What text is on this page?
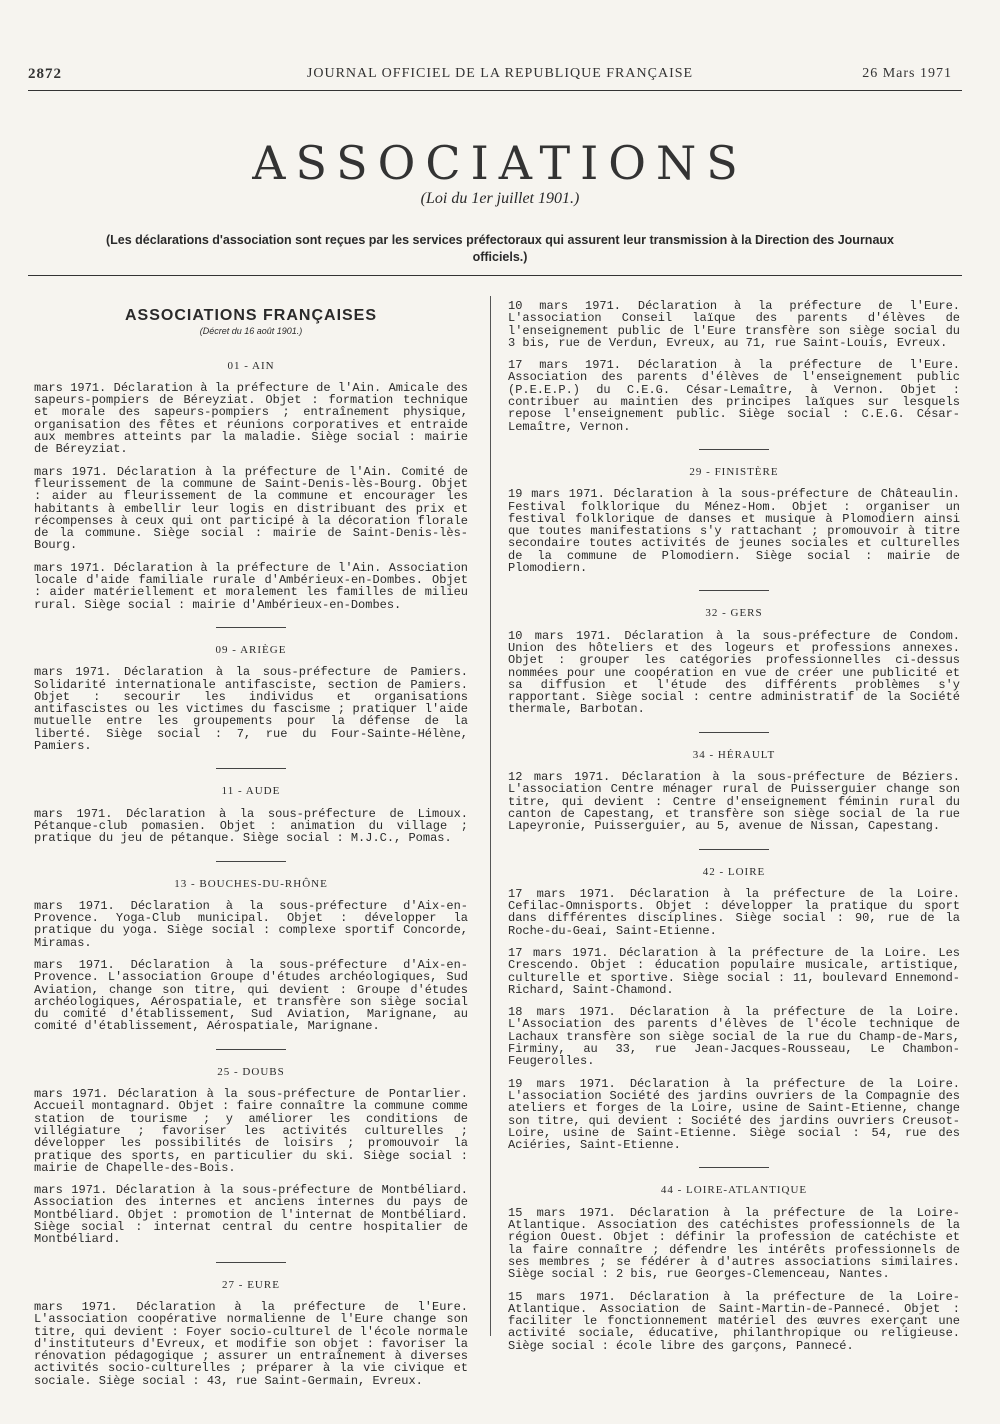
2872	JOURNAL OFFICIEL DE LA REPUBLIQUE FRANÇAISE	26 Mars 1971
ASSOCIATIONS
(Loi du 1er juillet 1901.)
(Les déclarations d'association sont reçues par les services préfectoraux qui assurent leur transmission à la Direction des Journaux officiels.)
ASSOCIATIONS FRANÇAISES
(Décret du 16 août 1901.)
01 - AIN
mars 1971. Déclaration à la préfecture de l'Ain. Amicale des sapeurs-pompiers de Béreyziat. Objet : formation technique et morale des sapeurs-pompiers ; entraînement physique, organisation des fêtes et réunions corporatives et entraide aux membres atteints par la maladie. Siège social : mairie de Béreyziat.
mars 1971. Déclaration à la préfecture de l'Ain. Comité de fleurissement de la commune de Saint-Denis-lès-Bourg. Objet : aider au fleurissement de la commune et encourager les habitants à embellir leur logis en distribuant des prix et récompenses à ceux qui ont participé à la décoration florale de la commune. Siège social : mairie de Saint-Denis-lès-Bourg.
mars 1971. Déclaration à la préfecture de l'Ain. Association locale d'aide familiale rurale d'Ambérieux-en-Dombes. Objet : aider matériellement et moralement les familles de milieu rural. Siège social : mairie d'Ambérieux-en-Dombes.
09 - ARIÈGE
mars 1971. Déclaration à la sous-préfecture de Pamiers. Solidarité internationale antifasciste, section de Pamiers. Objet : secourir les individus et organisations antifascistes ou les victimes du fascisme ; pratiquer l'aide mutuelle entre les groupements pour la défense de la liberté. Siège social : 7, rue du Four-Sainte-Hélène, Pamiers.
11 - AUDE
mars 1971. Déclaration à la sous-préfecture de Limoux. Pétanque-club pomasien. Objet : animation du village ; pratique du jeu de pétanque. Siège social : M.J.C., Pomas.
13 - BOUCHES-DU-RHÔNE
mars 1971. Déclaration à la sous-préfecture d'Aix-en-Provence. Yoga-Club municipal. Objet : développer la pratique du yoga. Siège social : complexe sportif Concorde, Miramas.
mars 1971. Déclaration à la sous-préfecture d'Aix-en-Provence. L'association Groupe d'études archéologiques, Sud Aviation, change son titre, qui devient : Groupe d'études archéologiques, Aérospatiale, et transfère son siège social du comité d'établissement, Sud Aviation, Marignane, au comité d'établissement, Aérospatiale, Marignane.
25 - DOUBS
mars 1971. Déclaration à la sous-préfecture de Pontarlier. Accueil montagnard. Objet : faire connaître la commune comme station de tourisme ; y améliorer les conditions de villégiature ; favoriser les activités culturelles ; développer les possibilités de loisirs ; promouvoir la pratique des sports, en particulier du ski. Siège social : mairie de Chapelle-des-Bois.
mars 1971. Déclaration à la sous-préfecture de Montbéliard. Association des internes et anciens internes du pays de Montbéliard. Objet : promotion de l'internat de Montbéliard. Siège social : internat central du centre hospitalier de Montbéliard.
27 - EURE
mars 1971. Déclaration à la préfecture de l'Eure. L'association coopérative normalienne de l'Eure change son titre, qui devient : Foyer socio-culturel de l'école normale d'instituteurs d'Evreux, et modifie son objet : favoriser la rénovation pédagogique ; assurer un entraînement à diverses activités socio-culturelles ; préparer à la vie civique et sociale. Siège social : 43, rue Saint-Germain, Evreux.
10 mars 1971. Déclaration à la préfecture de l'Eure. L'association Conseil laïque des parents d'élèves de l'enseignement public de l'Eure transfère son siège social du 3 bis, rue de Verdun, Evreux, au 71, rue Saint-Louis, Evreux.
17 mars 1971. Déclaration à la préfecture de l'Eure. Association des parents d'élèves de l'enseignement public (P.E.E.P.) du C.E.G. César-Lemaître, à Vernon. Objet : contribuer au maintien des principes laïques sur lesquels repose l'enseignement public. Siège social : C.E.G. César-Lemaître, Vernon.
29 - FINISTÈRE
19 mars 1971. Déclaration à la sous-préfecture de Châteaulin. Festival folklorique du Ménez-Hom. Objet : organiser un festival folklorique de danses et musique à Plomodiern ainsi que toutes manifestations s'y rattachant ; promouvoir à titre secondaire toutes activités de jeunes sociales et culturelles de la commune de Plomodiern. Siège social : mairie de Plomodiern.
32 - GERS
10 mars 1971. Déclaration à la sous-préfecture de Condom. Union des hôteliers et des logeurs et professions annexes. Objet : grouper les catégories professionnelles ci-dessus nommées pour une coopération en vue de créer une publicité et sa diffusion et l'étude des différents problèmes s'y rapportant. Siège social : centre administratif de la Société thermale, Barbotan.
34 - HÉRAULT
12 mars 1971. Déclaration à la sous-préfecture de Béziers. L'association Centre ménager rural de Puisserguier change son titre, qui devient : Centre d'enseignement féminin rural du canton de Capestang, et transfère son siège social de la rue Lapeyronie, Puisserguier, au 5, avenue de Nissan, Capestang.
42 - LOIRE
17 mars 1971. Déclaration à la préfecture de la Loire. Cefilac-Omnisports. Objet : développer la pratique du sport dans différentes disciplines. Siège social : 90, rue de la Roche-du-Geai, Saint-Etienne.
17 mars 1971. Déclaration à la préfecture de la Loire. Les Crescendo. Objet : éducation populaire musicale, artistique, culturelle et sportive. Siège social : 11, boulevard Ennemond-Richard, Saint-Chamond.
18 mars 1971. Déclaration à la préfecture de la Loire. L'Association des parents d'élèves de l'école technique de Lachaux transfère son siège social de la rue du Champ-de-Mars, Firminy, au 33, rue Jean-Jacques-Rousseau, Le Chambon-Feugerolles.
19 mars 1971. Déclaration à la préfecture de la Loire. L'association Société des jardins ouvriers de la Compagnie des ateliers et forges de la Loire, usine de Saint-Etienne, change son titre, qui devient : Société des jardins ouvriers Creusot-Loire, usine de Saint-Etienne. Siège social : 54, rue des Aciéries, Saint-Etienne.
44 - LOIRE-ATLANTIQUE
15 mars 1971. Déclaration à la préfecture de la Loire-Atlantique. Association des catéchistes professionnels de la région Ouest. Objet : définir la profession de catéchiste et la faire connaître ; défendre les intérêts professionnels de ses membres ; se fédérer à d'autres associations similaires. Siège social : 2 bis, rue Georges-Clemenceau, Nantes.
15 mars 1971. Déclaration à la préfecture de la Loire-Atlantique. Association de Saint-Martin-de-Pannecé. Objet : faciliter le fonctionnement matériel des œuvres exerçant une activité sociale, éducative, philanthropique ou religieuse. Siège social : école libre des garçons, Pannecé.
